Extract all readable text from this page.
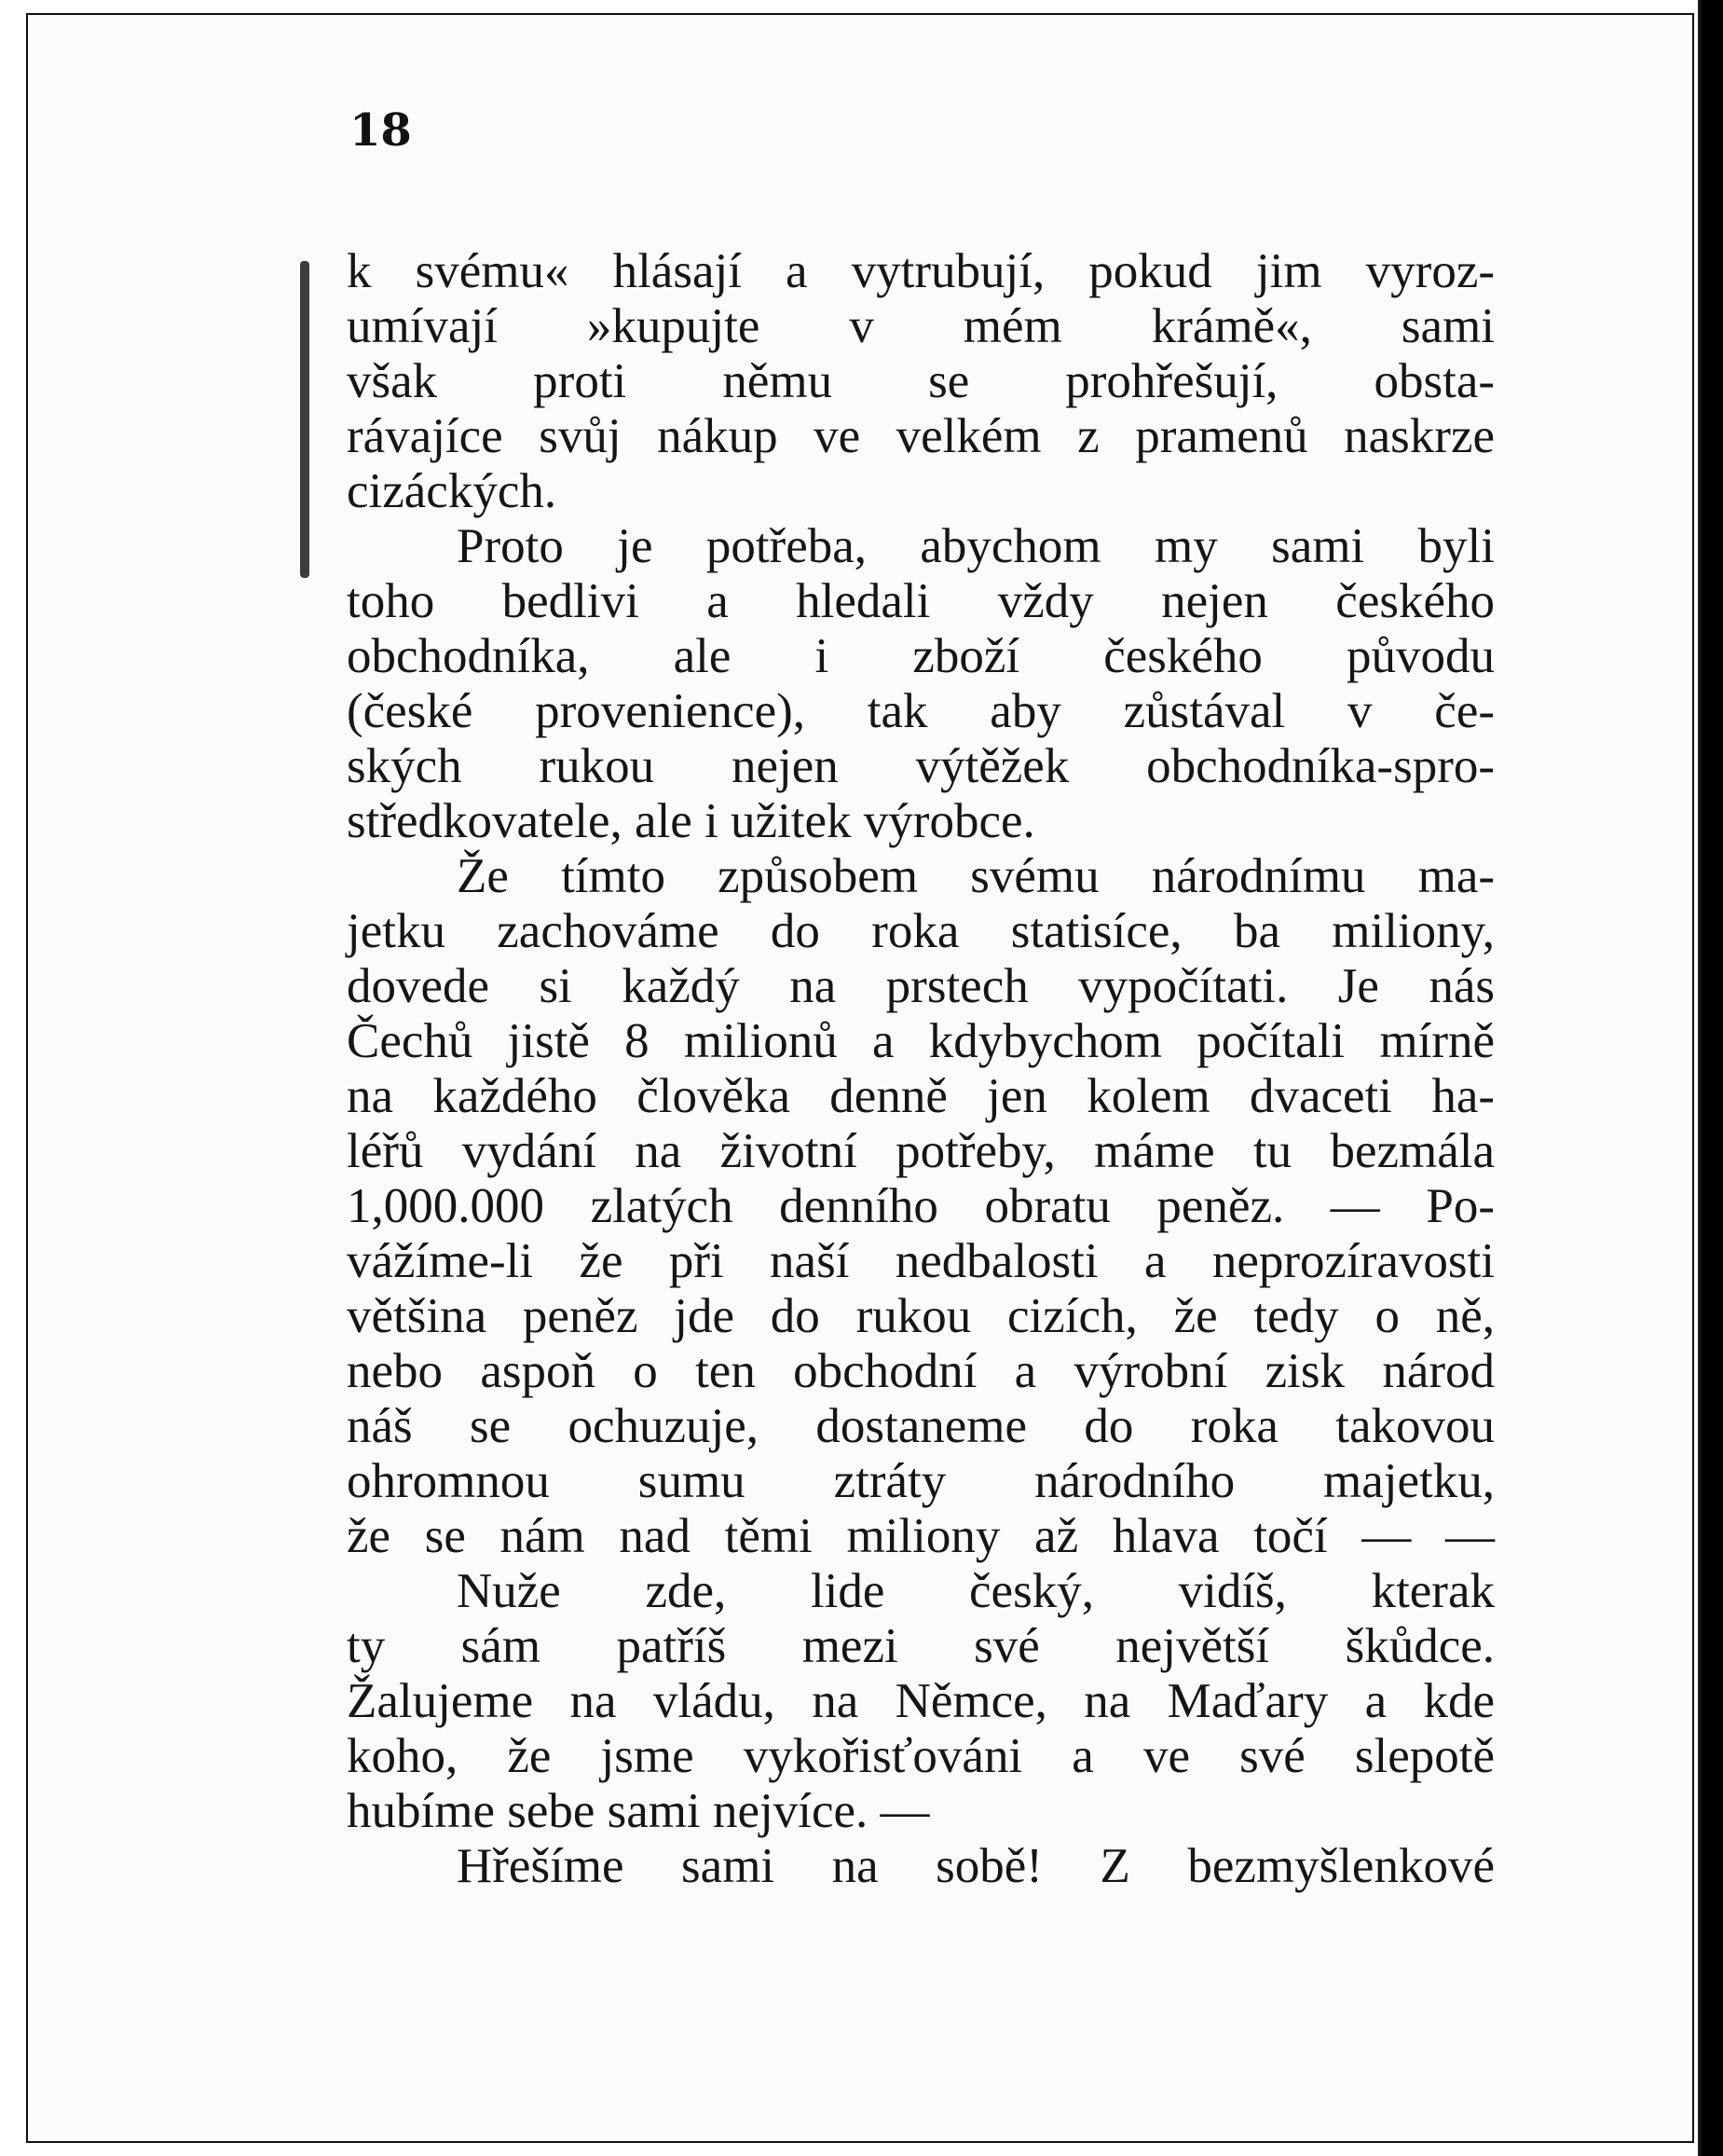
18
k svému« hlásají a vytrubují, pokud jim vyroz-
umívají »kupujte v mém krámě«, sami
však proti němu se prohřešují, obsta-
rávajíce svůj nákup ve velkém z pramenů naskrze
cizáckých.
Proto je potřeba, abychom my sami byli
toho bedlivi a hledali vždy nejen českého
obchodníka, ale i zboží českého původu
(české provenience), tak aby zůstával v če-
ských rukou nejen výtěžek obchodníka-spro-
středkovatele, ale i užitek výrobce.
Že tímto způsobem svému národnímu ma-
jetku zachováme do roka statisíce, ba miliony,
dovede si každý na prstech vypočítati. Je nás
Čechů jistě 8 milionů a kdybychom počítali mírně
na každého člověka denně jen kolem dvaceti ha-
léřů vydání na životní potřeby, máme tu bezmála
1,000.000 zlatých denního obratu peněz. — Po-
vážíme-li že při naší nedbalosti a neprozíravosti
většina peněz jde do rukou cizích, že tedy o ně,
nebo aspoň o ten obchodní a výrobní zisk národ
náš se ochuzuje, dostaneme do roka takovou
ohromnou sumu ztráty národního majetku,
že se nám nad těmi miliony až hlava točí — —
Nuže zde, lide český, vidíš, kterak
ty sám patříš mezi své největší škůdce.
Žalujeme na vládu, na Němce, na Maďary a kde
koho, že jsme vykořisťováni a ve své slepotě
hubíme sebe sami nejvíce. —
Hřešíme sami na sobě! Z bezmyšlenkové
